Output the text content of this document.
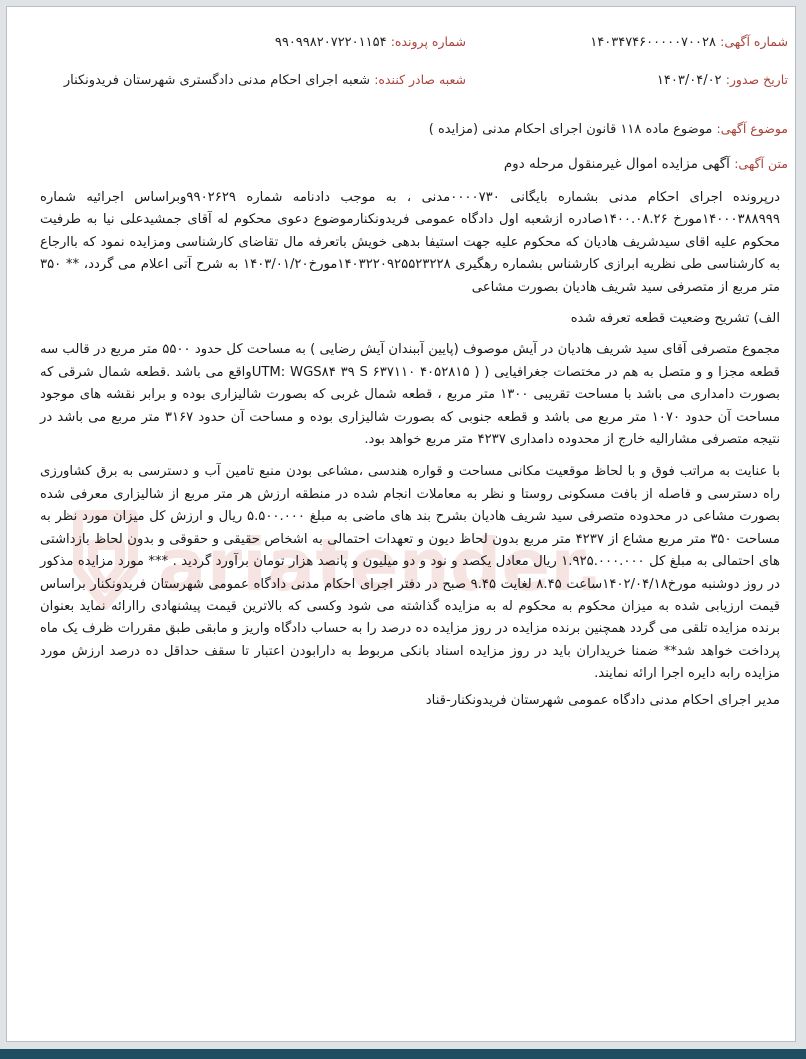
شماره آگهی: ۱۴۰۳۴۷۴۶۰۰۰۰۰۷۰۰۲۸
شماره پرونده: ۹۹۰۹۹۸۲۰۷۲۲۰۱۱۵۴
تاریخ صدور: ۱۴۰۳/۰۴/۰۲
شعبه صادر کننده: شعبه اجرای احکام مدنی دادگستری شهرستان فریدونکنار
موضوع آگهی: موضوع ماده ۱۱۸ قانون اجرای احکام مدنی (مزایده )
متن آگهی: آگهی مزایده اموال غیرمنقول مرحله دوم

درپرونده اجرای احکام مدنی بشماره بایگانی ۰۰۰۰۷۳۰مدنی ، به موجب دادنامه شماره ۹۹۰۲۶۲۹وبراساس اجرائیه شماره ۱۴۰۰۰۳۸۸۹۹۹مورخ ۱۴۰۰.۰۸.۲۶صادره ازشعبه اول دادگاه عمومی فریدونکنارموضوع دعوی محکوم له آقای جمشیدعلی نیا به طرفیت محکوم علیه اقای سیدشریف هادیان که محکوم علیه جهت استیفا بدهی خویش باتعرفه مال تقاضای کارشناسی ومزایده نمود که باارجاع به کارشناسی طی نظریه ابرازی کارشناس بشماره رهگیری ۱۴۰۳۲۲۰۹۲۵۵۲۳۲۲۸مورخ۱۴۰۳/۰۱/۲۰ به شرح آتی اعلام می گردد، ** ۳۵۰ متر مربع از متصرفی سید شریف هادیان بصورت مشاعی

الف) تشریح وضعیت قطعه تعرفه شده

مجموع متصرفی آقای سید شریف هادیان در آیش موصوف (پایین آببندان آیش رضایی ) به مساحت کل حدود ۵۵۰۰ متر مربع در قالب سه قطعه مجزا و و متصل به هم در مختصات جغرافیایی ( ( UTM: WGS۸۴ ۳۹ S ۶۳۷۱۱۰ ۴۰۵۲۸۱۵واقع می باشد .قطعه شمال شرقی که بصورت دامداری می باشد با مساحت تقریبی ۱۳۰۰ متر مربع ، قطعه شمال غربی که بصورت شالیزاری بوده و برابر نقشه های موجود مساحت آن حدود ۱۰۷۰ متر مربع می باشد و قطعه جنوبی که بصورت شالیزاری بوده و مساحت آن حدود ۳۱۶۷ متر مربع می باشد در نتیجه متصرفی مشارالیه خارج از محدوده دامداری ۴۲۳۷ متر مربع خواهد بود.

با عنایت به مراتب فوق و با لحاظ موقعیت مکانی مساحت و قواره هندسی ،مشاعی بودن منبع تامین آب و دسترسی به برق کشاورزی راه دسترسی و فاصله از بافت مسکونی روستا و نظر به معاملات انجام شده در منطقه ارزش هر متر مربع از شالیزاری معرفی شده بصورت مشاعی در محدوده متصرفی سید شریف هادیان بشرح بند های ماضی به مبلغ ۵.۵۰۰.۰۰۰ ریال و ارزش کل میزان مورد نظر به مساحت ۳۵۰ متر مربع مشاع از ۴۲۳۷ متر مربع بدون لحاظ دیون و تعهدات احتمالی به اشخاص حقیقی و حقوقی و بدون لحاظ بازداشتی های احتمالی به مبلغ کل ۱.۹۲۵.۰۰۰.۰۰۰ ریال معادل یکصد و نود و دو میلیون و پانصد هزار تومان برآورد گردید . *** مورد مزایده مذکور در روز دوشنبه مورخ۱۴۰۲/۰۴/۱۸ساعت ۸.۴۵ لغایت ۹.۴۵ صبح در دفتر اجرای احکام مدنی دادگاه عمومی شهرستان فریدونکنار براساس قیمت ارزیابی شده به میزان محکوم به محکوم له به مزایده گذاشته می شود وکسی که بالاترین قیمت پیشنهادی راارائه نماید بعنوان برنده مزایده تلقی می گردد همچنین برنده مزایده در روز مزایده ده درصد را به حساب دادگاه واریز و مابقی طبق مقررات ظرف یک ماه پرداخت خواهد شد** ضمنا خریداران باید در روز مزایده اسناد بانکی مربوط به دارابودن اعتبار تا سقف حداقل ده درصد ارزش مورد مزایده رابه دایره اجرا ارائه نمایند.

مدیر اجرای احکام مدنی دادگاه عمومی شهرستان فریدونکنار-قناد
